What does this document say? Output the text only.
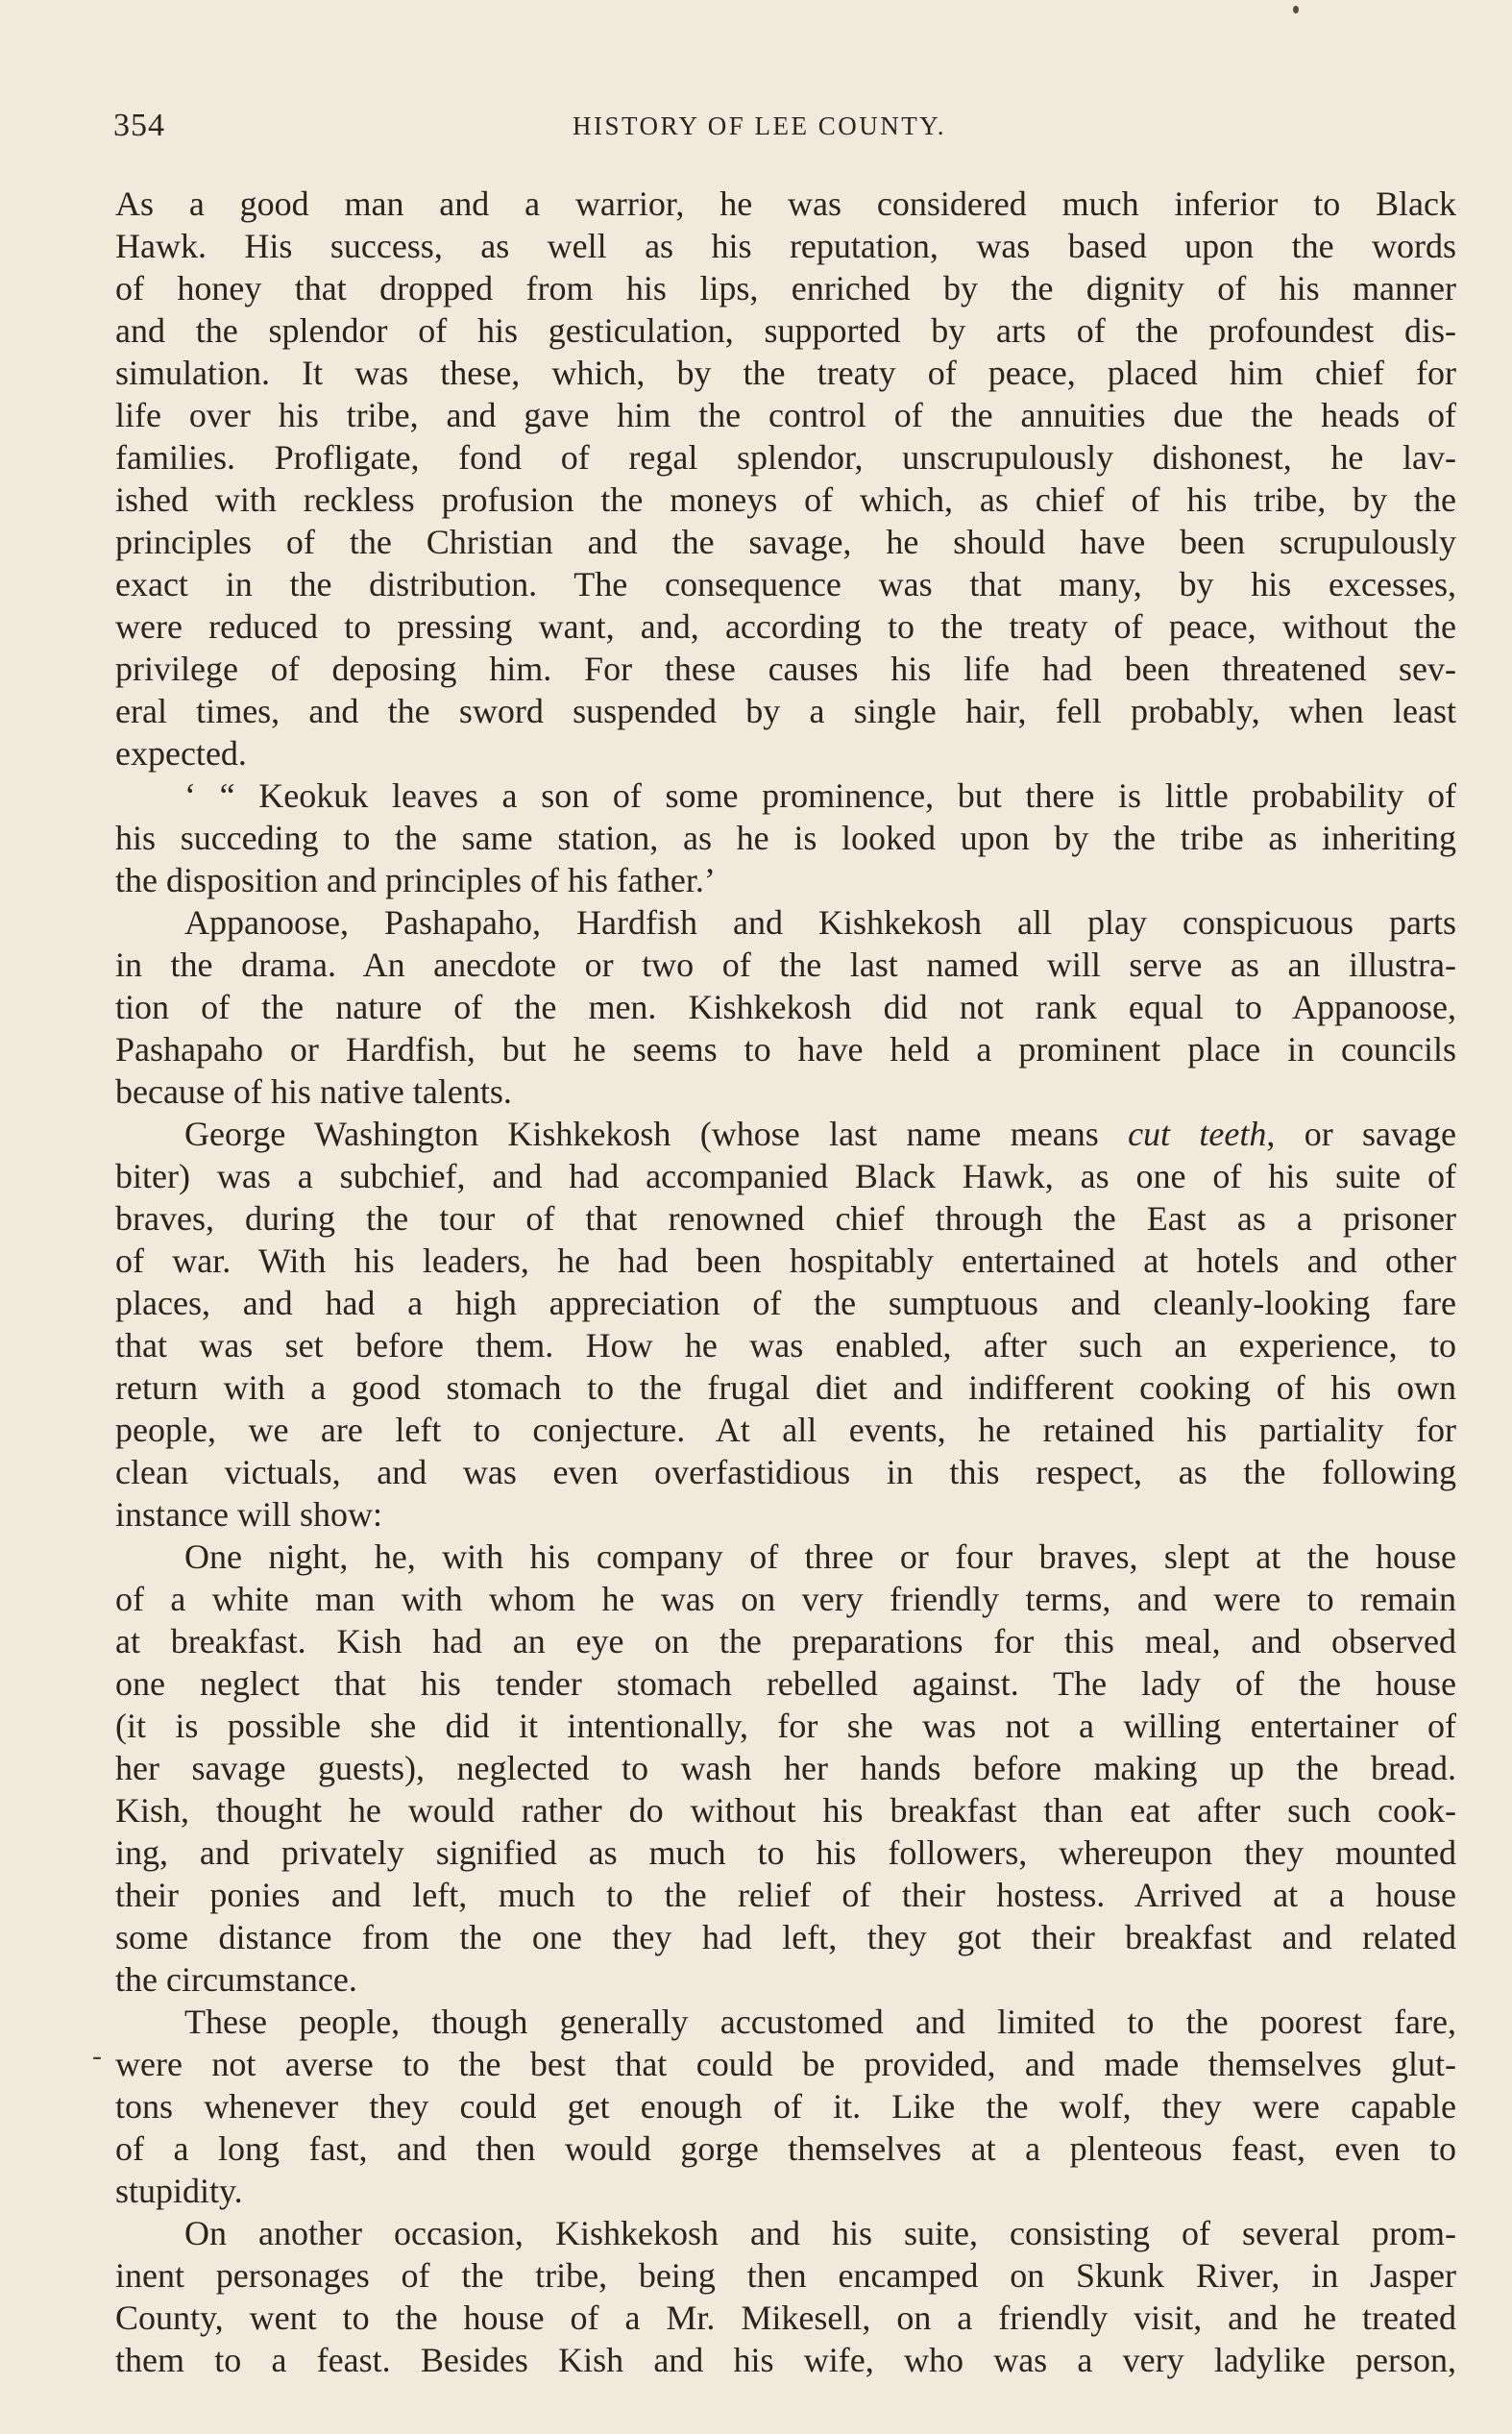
354	HISTORY OF LEE COUNTY.
-
As a good man and a warrior, he was considered much inferior to Black
Hawk. His success, as well as his reputation, was based upon the words
of honey that dropped from his lips, enriched by the dignity of his manner
and the splendor of his gesticulation, supported by arts of the profoundest dis-
simulation. It was these, which, by the treaty of peace, placed him chief for
life over his tribe, and gave him the control of the annuities due the heads of
families. Profligate, fond of regal splendor, unscrupulously dishonest, he lav-
ished with reckless profusion the moneys of which, as chief of his tribe, by the
principles of the Christian and the savage, he should have been scrupulously
exact in the distribution. The consequence was that many, by his excesses,
were reduced to pressing want, and, according to the treaty of peace, without the
privilege of deposing him. For these causes his life had been threatened sev-
eral times, and the sword suspended by a single hair, fell probably, when least
expected.
‘ “ Keokuk leaves a son of some prominence, but there is little probability of
his succeding to the same station, as he is looked upon by the tribe as inheriting
the disposition and principles of his father.’
Appanoose, Pashapaho, Hardfish and Kishkekosh all play conspicuous parts
in the drama. An anecdote or two of the last named will serve as an illustra-
tion of the nature of the men. Kishkekosh did not rank equal to Appanoose,
Pashapaho or Hardfish, but he seems to have held a prominent place in councils
because of his native talents.
George Washington Kishkekosh (whose last name means cut teeth, or savage
biter) was a subchief, and had accompanied Black Hawk, as one of his suite of
braves, during the tour of that renowned chief through the East as a prisoner
of war. With his leaders, he had been hospitably entertained at hotels and other
places, and had a high appreciation of the sumptuous and cleanly-looking fare
that was set before them. How he was enabled, after such an experience, to
return with a good stomach to the frugal diet and indifferent cooking of his own
people, we are left to conjecture. At all events, he retained his partiality for
clean victuals, and was even overfastidious in this respect, as the following
instance will show:
One night, he, with his company of three or four braves, slept at the house
of a white man with whom he was on very friendly terms, and were to remain
at breakfast. Kish had an eye on the preparations for this meal, and observed
one neglect that his tender stomach rebelled against. The lady of the house
(it is possible she did it intentionally, for she was not a willing entertainer of
her savage guests), neglected to wash her hands before making up the bread.
Kish, thought he would rather do without his breakfast than eat after such cook-
ing, and privately signified as much to his followers, whereupon they mounted
their ponies and left, much to the relief of their hostess. Arrived at a house
some distance from the one they had left, they got their breakfast and related
the circumstance.
These people, though generally accustomed and limited to the poorest fare,
were not averse to the best that could be provided, and made themselves glut-
tons whenever they could get enough of it. Like the wolf, they were capable
of a long fast, and then would gorge themselves at a plenteous feast, even to
stupidity.
On another occasion, Kishkekosh and his suite, consisting of several prom-
inent personages of the tribe, being then encamped on Skunk River, in Jasper
County, went to the house of a Mr. Mikesell, on a friendly visit, and he treated
them to a feast. Besides Kish and his wife, who was a very ladylike person,
